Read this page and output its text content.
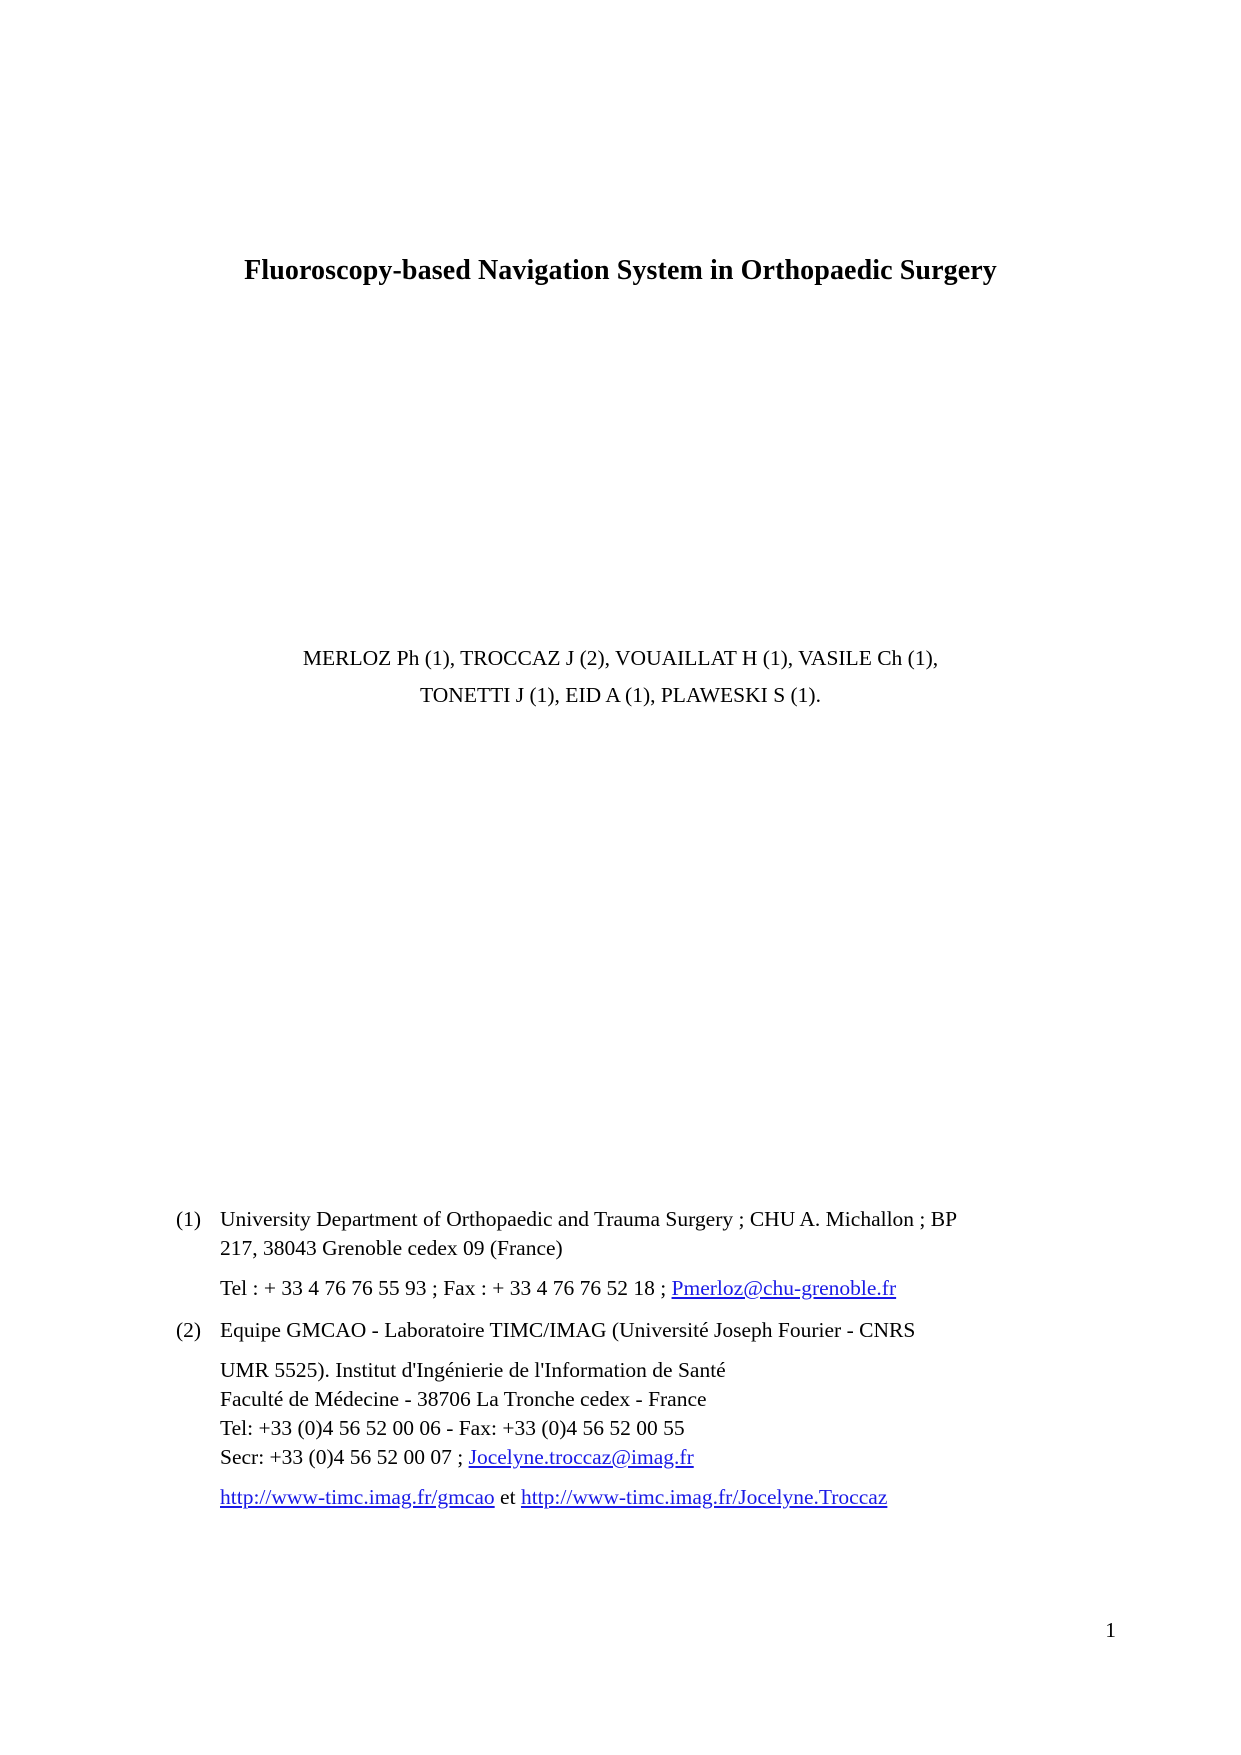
Fluoroscopy-based Navigation System in Orthopaedic Surgery
MERLOZ Ph (1), TROCCAZ J (2), VOUAILLAT H (1), VASILE Ch (1),
TONETTI J (1), EID A (1), PLAWESKI S (1).
(1) University Department of Orthopaedic and Trauma Surgery ; CHU A. Michallon ; BP
217, 38043 Grenoble cedex 09 (France)
Tel : + 33 4 76 76 55 93 ; Fax : + 33 4 76 76 52 18 ; Pmerloz@chu-grenoble.fr
(2) Equipe GMCAO - Laboratoire TIMC/IMAG (Université Joseph Fourier - CNRS
UMR 5525). Institut d'Ingénierie de l'Information de Santé
Faculté de Médecine - 38706 La Tronche cedex - France
Tel: +33 (0)4 56 52 00 06 - Fax: +33 (0)4 56 52 00 55
Secr: +33 (0)4 56 52 00 07 ; Jocelyne.troccaz@imag.fr
http://www-timc.imag.fr/gmcao et http://www-timc.imag.fr/Jocelyne.Troccaz
1
